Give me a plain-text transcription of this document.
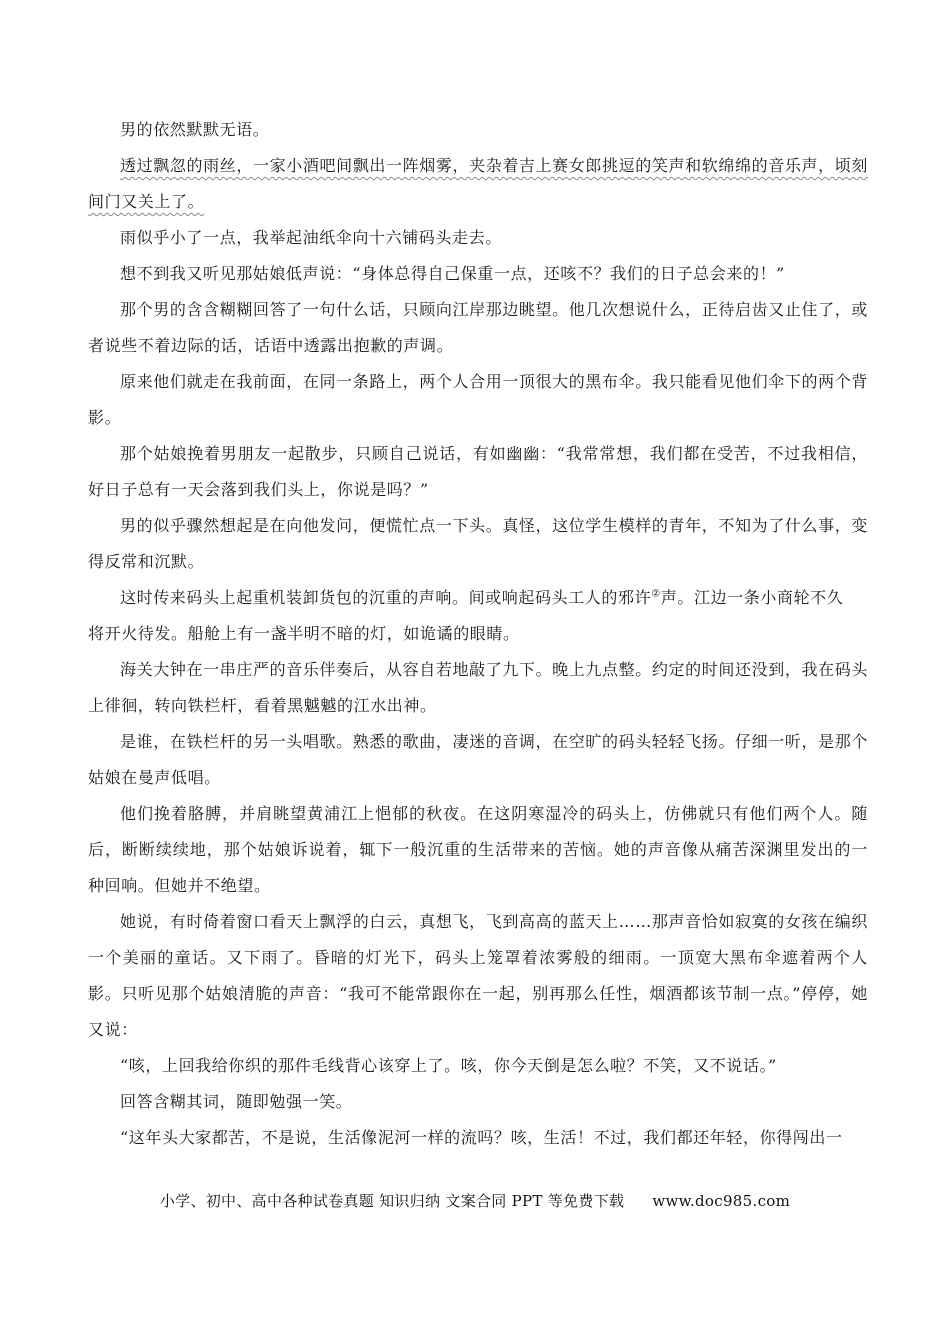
男的依然默默无语。

透过飘忽的雨丝，一家小酒吧间飘出一阵烟雾，夹杂着吉上赛女郎挑逗的笑声和软绵绵的音乐声，顷刻间门又关上了。

雨似乎小了一点，我举起油纸伞向十六铺码头走去。

想不到我又听见那姑娘低声说：“身体总得自己保重一点，还咳不？我们的日子总会来的！”

那个男的含含糊糊回答了一句什么话，只顾向江岸那边眺望。他几次想说什么，正待启齿又止住了，或者说些不着边际的话，话语中透露出抱歉的声调。

原来他们就走在我前面，在同一条路上，两个人合用一顶很大的黑布伞。我只能看见他们伞下的两个背影。

那个姑娘挽着男朋友一起散步，只顾自己说话，有如幽幽：“我常常想，我们都在受苦，不过我相信，好日子总有一天会落到我们头上，你说是吗？”

男的似乎骤然想起是在向他发问，便慌忙点一下头。真怪，这位学生模样的青年，不知为了什么事，变得反常和沉默。

这时传来码头上起重机装卸货包的沉重的声响。间或响起码头工人的邪许②声。江边一条小商轮不久
将开火待发。船舱上有一盏半明不暗的灯，如诡谲的眼睛。

海关大钟在一串庄严的音乐伴奏后，从容自若地敲了九下。晚上九点整。约定的时间还没到，我在码头上徘徊，转向铁栏杆，看着黑魆魆的江水出神。

是谁，在铁栏杆的另一头唱歌。熟悉的歌曲，凄迷的音调，在空旷的码头轻轻飞扬。仔细一听，是那个姑娘在曼声低唱。

他们挽着胳膊，并肩眺望黄浦江上悒郁的秋夜。在这阴寒湿冷的码头上，仿佛就只有他们两个人。随后，断断续续地，那个姑娘诉说着，辄下一般沉重的生活带来的苦恼。她的声音像从痛苦深渊里发出的一种回响。但她并不绝望。

她说，有时倚着窗口看天上飘浮的白云，真想飞，飞到高高的蓝天上……那声音恰如寂寞的女孩在编织一个美丽的童话。又下雨了。昏暗的灯光下，码头上笼罩着浓雾般的细雨。一顶宽大黑布伞遮着两个人影。只听见那个姑娘清脆的声音：“我可不能常跟你在一起，别再那么任性，烟酒都该节制一点。”停停，她又说：

“咳，上回我给你织的那件毛线背心该穿上了。咳，你今天倒是怎么啦？不笑，又不说话。”

回答含糊其词，随即勉强一笑。

“这年头大家都苦，不是说，生活像泥河一样的流吗？咳，生活！不过，我们都还年轻，你得闯出一

小学、初中、高中各种试卷真题 知识归纳 文案合同 PPT 等免费下载 www.doc985.com
